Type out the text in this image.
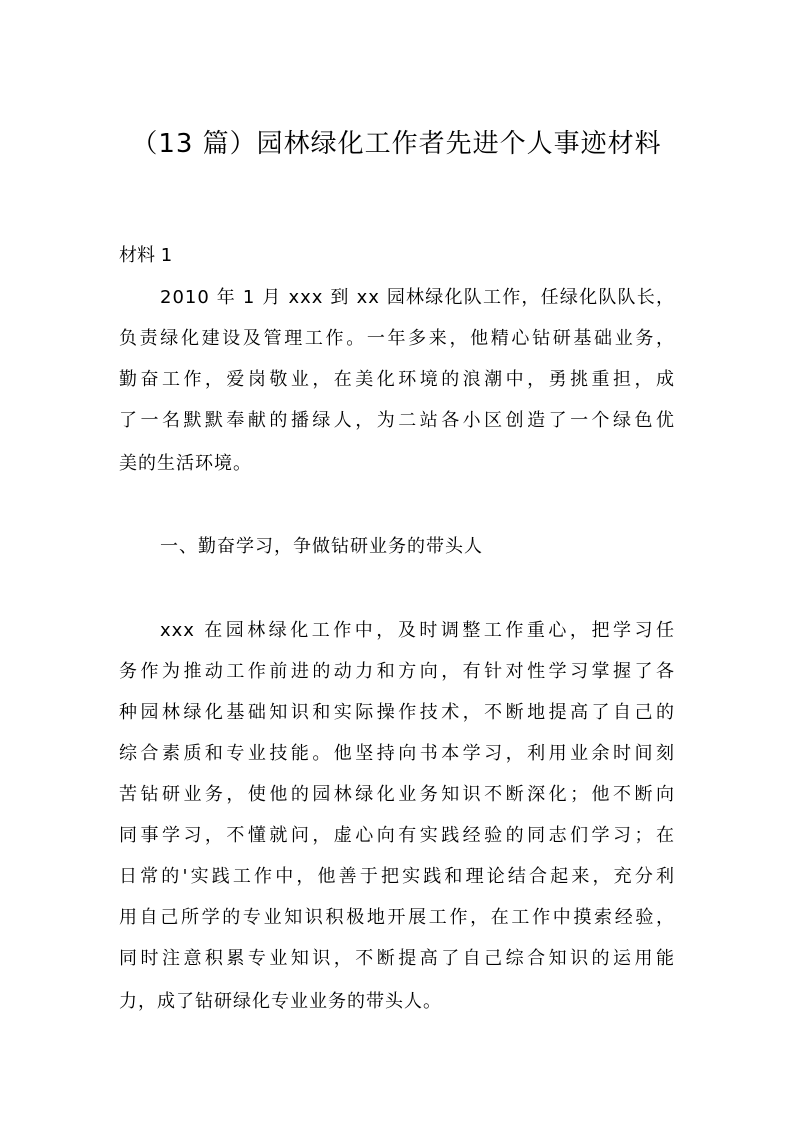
（13 篇）园林绿化工作者先进个人事迹材料
材料 1
2010 年 1 月 xxx 到 xx 园林绿化队工作，任绿化队队长，
负责绿化建设及管理工作。一年多来，他精心钻研基础业务，
勤奋工作，爱岗敬业，在美化环境的浪潮中，勇挑重担，成
了一名默默奉献的播绿人，为二站各小区创造了一个绿色优
美的生活环境。
一、勤奋学习，争做钻研业务的带头人
xxx 在园林绿化工作中，及时调整工作重心，把学习任
务作为推动工作前进的动力和方向，有针对性学习掌握了各
种园林绿化基础知识和实际操作技术，不断地提高了自己的
综合素质和专业技能。他坚持向书本学习，利用业余时间刻
苦钻研业务，使他的园林绿化业务知识不断深化；他不断向
同事学习，不懂就问，虚心向有实践经验的同志们学习；在
日常的'实践工作中，他善于把实践和理论结合起来，充分利
用自己所学的专业知识积极地开展工作，在工作中摸索经验，
同时注意积累专业知识，不断提高了自己综合知识的运用能
力，成了钻研绿化专业业务的带头人。
